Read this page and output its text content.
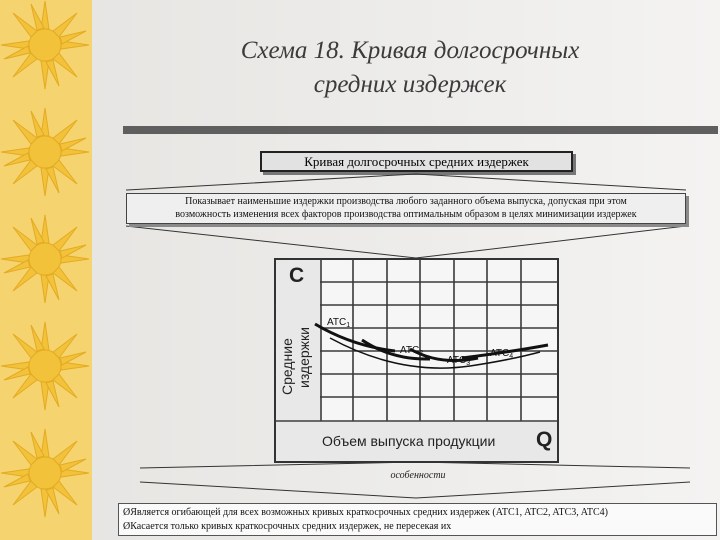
Схема 18. Кривая долгосрочных
средних издержек
Кривая долгосрочных средних издержек
Показывает наименьшие издержки производства любого заданного объема выпуска, допуская при этом
возможность изменения всех факторов производства оптимальным образом в целях минимизации издержек
C
Q
Объем выпуска продукции
Средние издержки
$ATC_1$
$ATC_2$
$ATC_3$
$ATC_4$
особенности
ØЯвляется огибающей для всех возможных кривых краткосрочных средних издержек (ATC1, ATC2, ATC3, ATC4)
ØКасается только кривых краткосрочных средних издержек, не пересекая их
